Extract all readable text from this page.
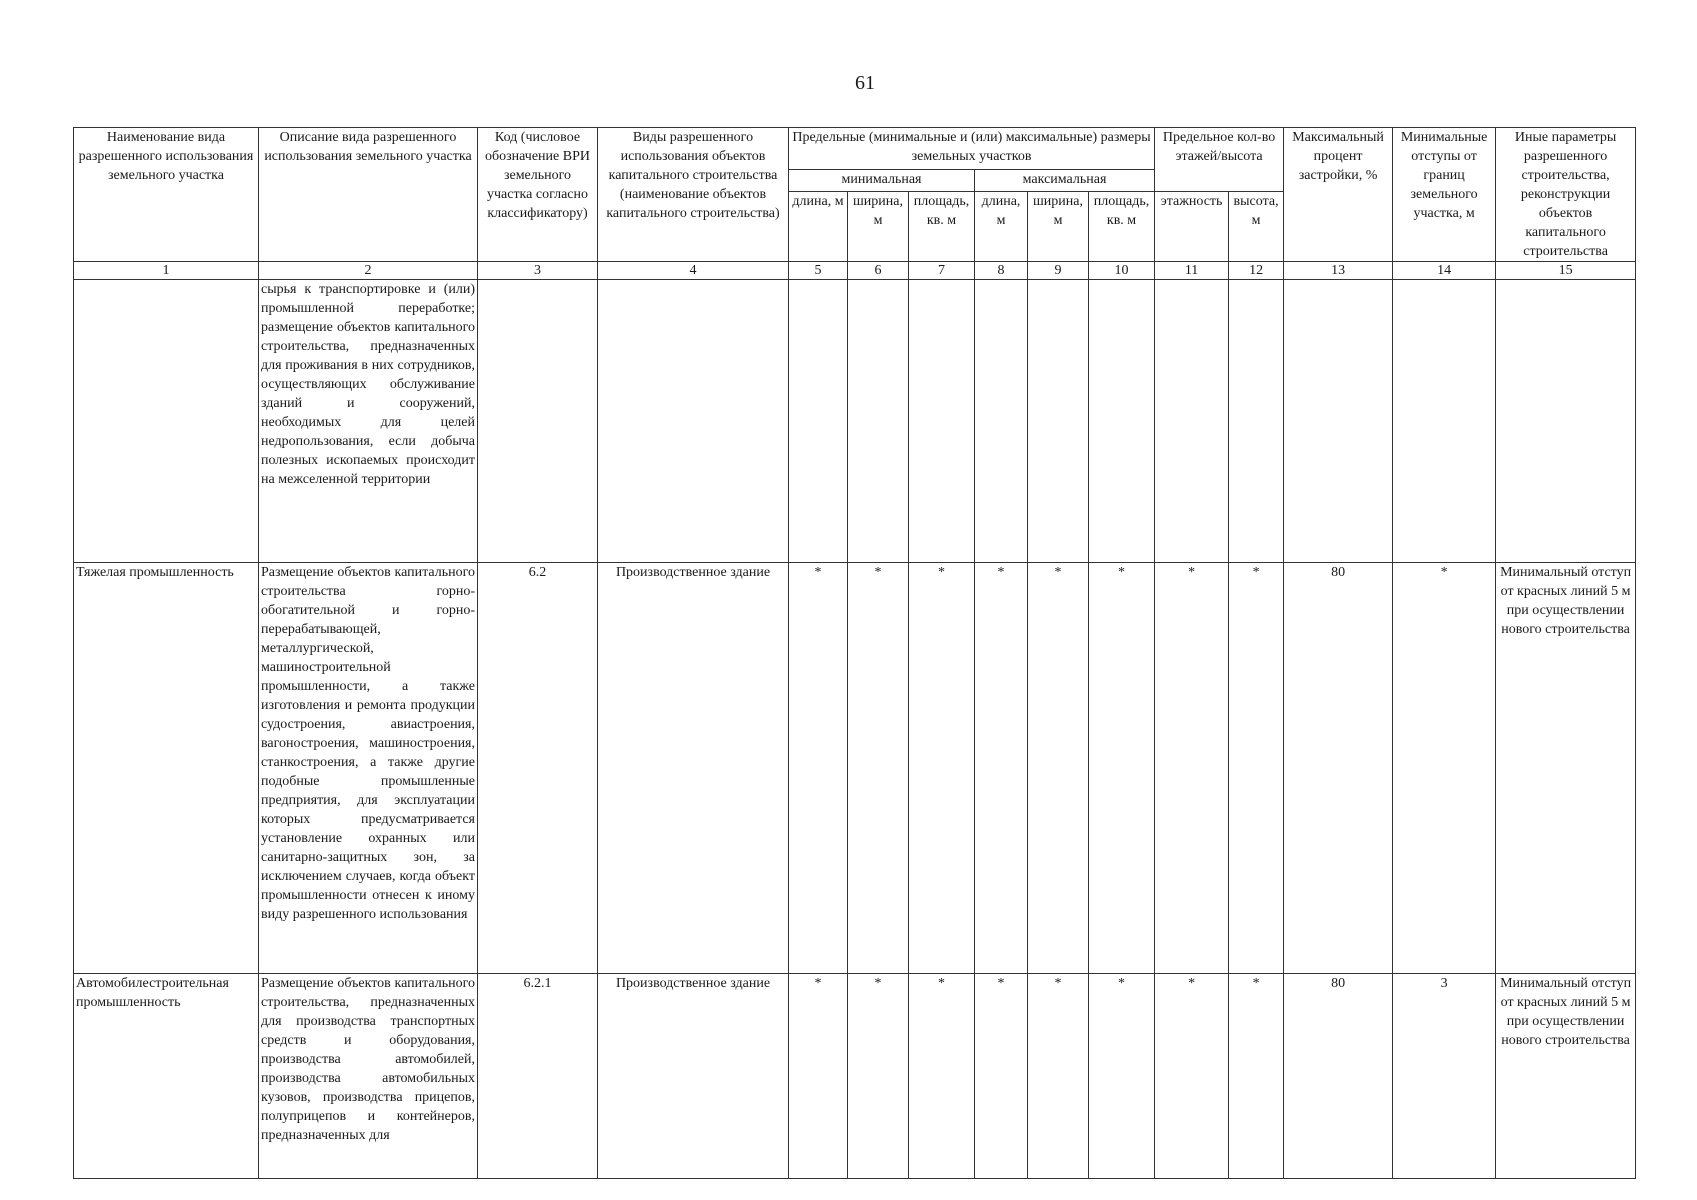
61
Наименование вида разрешенного использования земельного участка	Описание вида разрешенного использования земельного участка	Код (числовое обозначение ВРИ земельного участка согласно классификатору)	Виды разрешенного использования объектов капитального строительства (наименование объектов капитального строительства)	Предельные (минимальные и (или) максимальные) размеры земельных участков						Предельное кол-во этажей/высота		Максимальный процент застройки, %	Минимальные отступы от границ земельного участка, м	Иные параметры разрешенного строительства, реконструкции объектов капитального строительства
				минимальная			максимальная							
				длина, м	ширина, м	площадь, кв. м	длина, м	ширина, м	площадь, кв. м	этажность	высота, м			
1	2	3	4	5	6	7	8	9	10	11	12	13	14	15
	сырья к транспортировке и (или) промышленной переработке; размещение объектов капитального строительства, предназначенных для проживания в них сотрудников, осуществляющих обслуживание зданий и сооружений, необходимых для целей недропользования, если добыча полезных ископаемых происходит на межселенной территории													
Тяжелая промышленность	Размещение объектов капитального строительства горно-обогатительной и горно-перерабатывающей, металлургической, машиностроительной промышленности, а также изготовления и ремонта продукции судостроения, авиастроения, вагоностроения, машиностроения, станкостроения, а также другие подобные промышленные предприятия, для эксплуатации которых предусматривается установление охранных или санитарно-защитных зон, за исключением случаев, когда объект промышленности отнесен к иному виду разрешенного использования	6.2	Производственное здание	*	*	*	*	*	*	*	*	80	*	Минимальный отступ от красных линий 5 м при осуществлении нового строительства
Автомобилестроительная промышленность	Размещение объектов капитального строительства, предназначенных для производства транспортных средств и оборудования, производства автомобилей, производства автомобильных кузовов, производства прицепов, полуприцепов и контейнеров, предназначенных для	6.2.1	Производственное здание	*	*	*	*	*	*	*	*	80	3	Минимальный отступ от красных линий 5 м при осуществлении нового строительства
